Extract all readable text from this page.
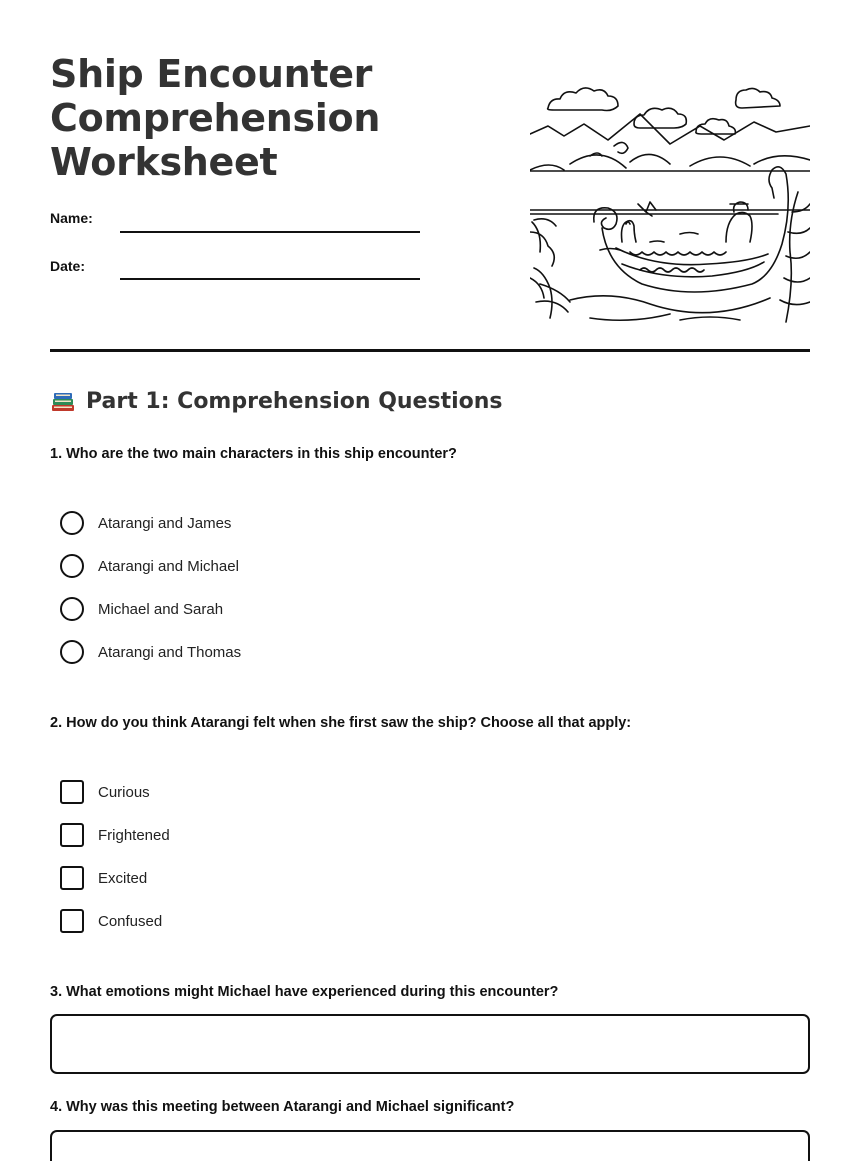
Ship Encounter
Comprehension
Worksheet
Name:
Date:
Part 1: Comprehension Questions

1. Who are the two main characters in this ship encounter?

Atarangi and James
Atarangi and Michael
Michael and Sarah
Atarangi and Thomas

2. How do you think Atarangi felt when she first saw the ship? Choose all that apply:

Curious
Frightened
Excited
Confused

3. What emotions might Michael have experienced during this encounter?

4. Why was this meeting between Atarangi and Michael significant?
